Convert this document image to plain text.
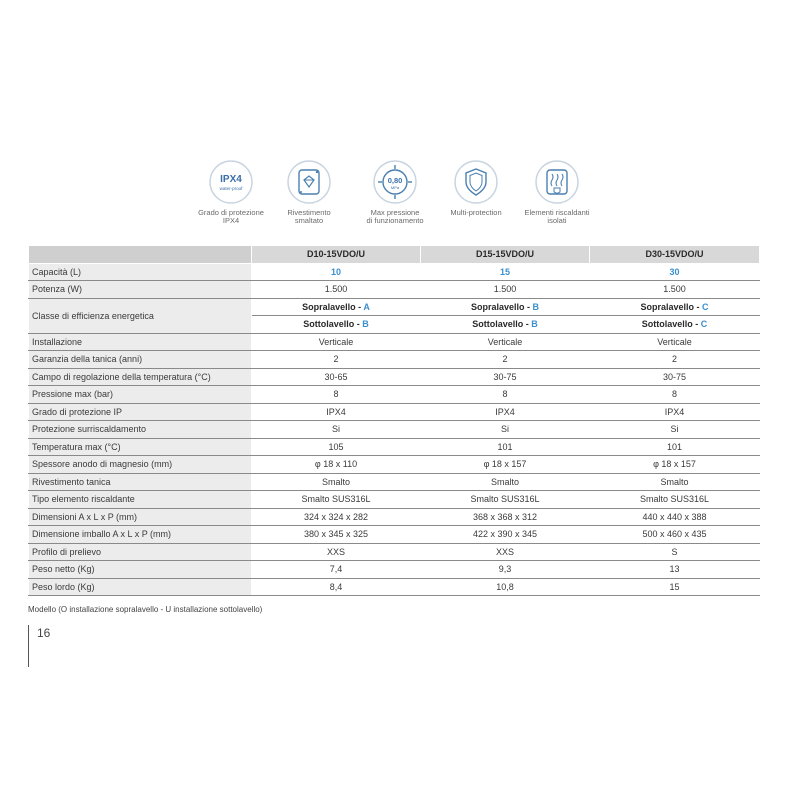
IPX4
water-proof
Grado di protezione
IPX4
Rivestimento
smaltato
0,80
MPa
Max pressione
di funzionamento
Multi-protection	Elementi riscaldanti
isolati
	D10-15VDO/U	D15-15VDO/U	D30-15VDO/U
Capacità (L)	10	15	30
Potenza (W)	1.500	1.500	1.500
Classe di efficienza energetica	Sopralavello - A	Sopralavello - B	Sopralavello - C
	Sottolavello - B	Sottolavello - B	Sottolavello - C
Installazione	Verticale	Verticale	Verticale
Garanzia della tanica (anni)	2	2	2
Campo di regolazione della temperatura (°C)	30-65	30-75	30-75
Pressione max (bar)	8	8	8
Grado di protezione IP	IPX4	IPX4	IPX4
Protezione surriscaldamento	Si	Si	Si
Temperatura max (°C)	105	101	101
Spessore anodo di magnesio (mm)	φ 18 x 110	φ 18 x 157	φ 18 x 157
Rivestimento tanica	Smalto	Smalto	Smalto
Tipo elemento riscaldante	Smalto SUS316L	Smalto SUS316L	Smalto SUS316L
Dimensioni A x L x P (mm)	324 x 324 x 282	368 x 368 x 312	440 x 440 x 388
Dimensione imballo A x L x P (mm)	380 x 345 x 325	422 x 390 x 345	500 x 460 x 435
Profilo di prelievo	XXS	XXS	S
Peso netto (Kg)	7,4	9,3	13
Peso lordo (Kg)	8,4	10,8	15
Modello (O installazione sopralavello - U installazione sottolavello)
16
